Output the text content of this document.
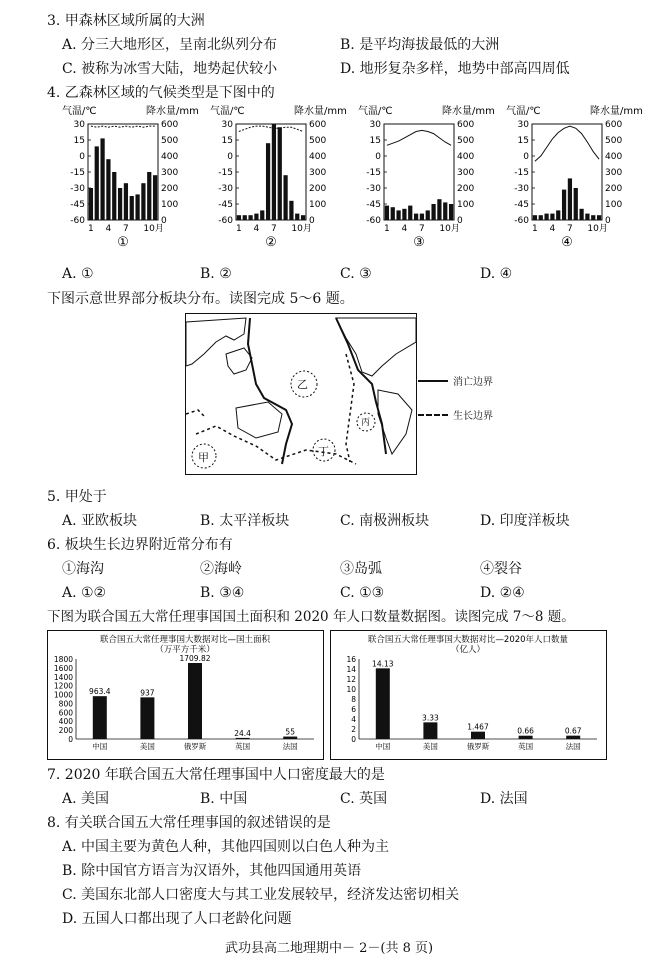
3. 甲森林区域所属的大洲
A. 分三大地形区，呈南北纵列分布	B. 是平均海拔最低的大洲
C. 被称为冰雪大陆，地势起伏较小	D. 地形复杂多样，地势中部高四周低
4. 乙森林区域的气候类型是下图中的
气温/℃	降水量/mm
30
15
0
-15
-30
-45
-60
600
500
400
300
200
100
0
1 4 7 10月
①
气温/℃	降水量/mm
30
15
0
-15
-30
-45
-60
600
500
400
300
200
100
0
1 4 7 10月
②
气温/℃	降水量/mm
30
15
0
-15
-30
-45
-60
600
500
400
300
200
100
0
1 4 7 10月
③
气温/℃	降水量/mm
30
15
0
-15
-30
-45
-60
600
500
400
300
200
100
0
1 4 7 10月
④
A. ①	B. ②	C. ③	D. ④
下图示意世界部分板块分布。读图完成 5～6 题。
乙
丙
丁
甲
消亡边界
生长边界
5. 甲处于
A. 亚欧板块	B. 太平洋板块	C. 南极洲板块	D. 印度洋板块
6. 板块生长边界附近常分布有
①海沟	②海岭	③岛弧	④裂谷
A. ①②	B. ③④	C. ①③	D. ②④
下图为联合国五大常任理事国国土面积和 2020 年人口数量数据图。读图完成 7～8 题。
联合国五大常任理事国大数据对比—国土面积
（万平方千米）
1800
1600
1400
1200
1000
800
600
400
200
0
963.4
中国
937
美国
1709.82
俄罗斯
24.4
英国
55
法国
联合国五大常任理事国大数据对比—2020年人口数量
（亿人）
16
14
12
10
8
6
4
2
0
14.13
中国
3.33
美国
1.467
俄罗斯
0.66
英国
0.67
法国
7. 2020 年联合国五大常任理事国中人口密度最大的是
A. 美国	B. 中国	C. 英国	D. 法国
8. 有关联合国五大常任理事国的叙述错误的是
A. 中国主要为黄色人种，其他四国则以白色人种为主
B. 除中国官方语言为汉语外，其他四国通用英语
C. 美国东北部人口密度大与其工业发展较早，经济发达密切相关
D. 五国人口都出现了人口老龄化问题
武功县高二地理期中－ 2－(共 8 页)
